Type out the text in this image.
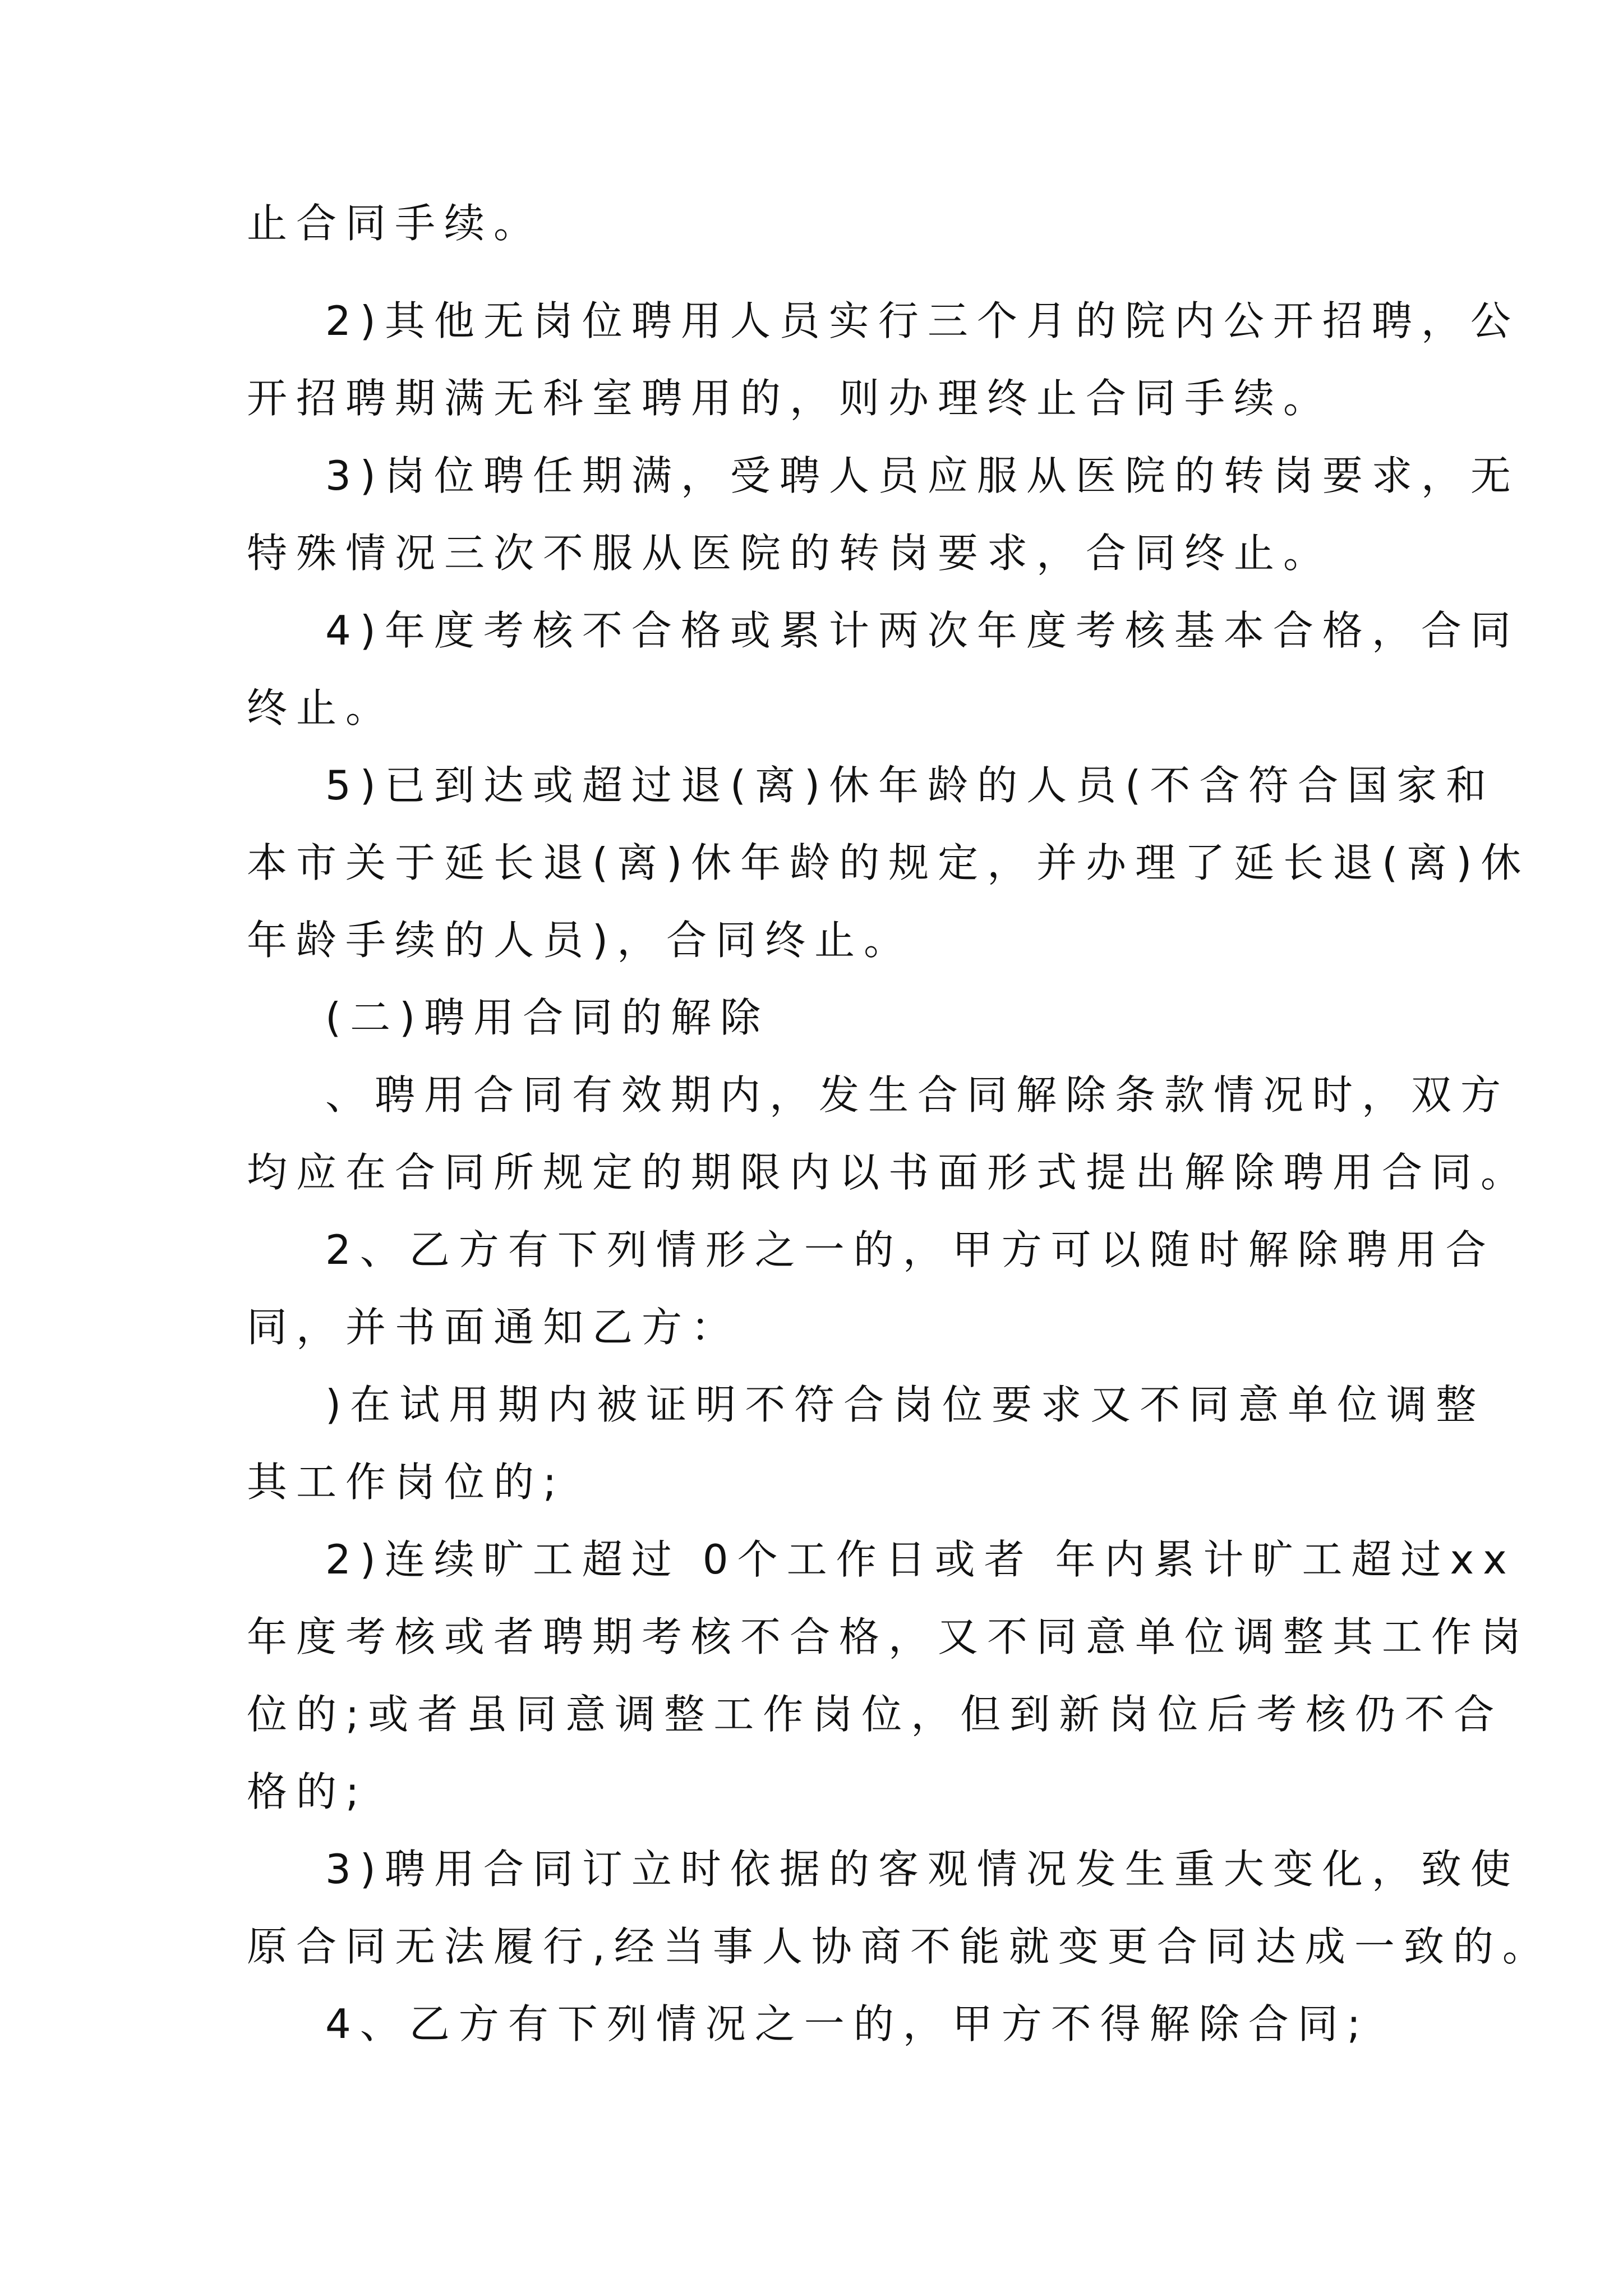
止合同手续。
2)其他无岗位聘用人员实行三个月的院内公开招聘，公
开招聘期满无科室聘用的，则办理终止合同手续。
3)岗位聘任期满，受聘人员应服从医院的转岗要求，无
特殊情况三次不服从医院的转岗要求，合同终止。
4)年度考核不合格或累计两次年度考核基本合格，合同
终止。
5)已到达或超过退(离)休年龄的人员(不含符合国家和
本市关于延长退(离)休年龄的规定，并办理了延长退(离)休
年龄手续的人员)，合同终止。
(二)聘用合同的解除
、聘用合同有效期内，发生合同解除条款情况时，双方
均应在合同所规定的期限内以书面形式提出解除聘用合同。
2、乙方有下列情形之一的，甲方可以随时解除聘用合
同，并书面通知乙方：
)在试用期内被证明不符合岗位要求又不同意单位调整
其工作岗位的;
2)连续旷工超过 0个工作日或者 年内累计旷工超过xx
年度考核或者聘期考核不合格，又不同意单位调整其工作岗
位的;或者虽同意调整工作岗位，但到新岗位后考核仍不合
格的;
3)聘用合同订立时依据的客观情况发生重大变化，致使
原合同无法履行,经当事人协商不能就变更合同达成一致的。
4、乙方有下列情况之一的，甲方不得解除合同;
